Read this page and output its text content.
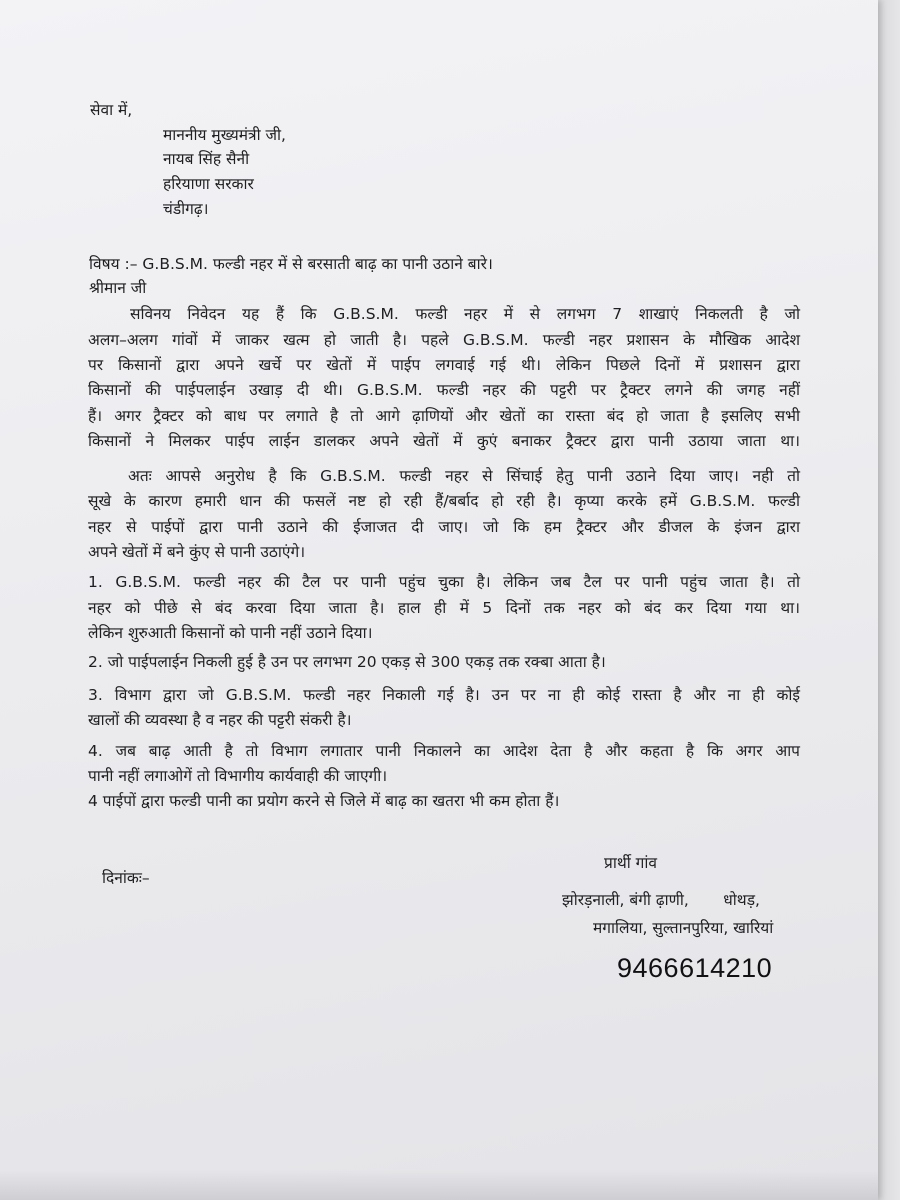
सेवा में,
माननीय मुख्यमंत्री जी,
नायब सिंह सैनी
हरियाणा सरकार
चंडीगढ़।
विषय :– G.B.S.M. फल्डी नहर में से बरसाती बाढ़ का पानी उठाने बारे।
श्रीमान जी
सविनय निवेदन यह हैं कि G.B.S.M. फल्डी नहर में से लगभग 7 शाखाएं निकलती है जो
अलग–अलग गांवों में जाकर खत्म हो जाती है। पहले G.B.S.M. फल्डी नहर प्रशासन के मौखिक आदेश
पर किसानों द्वारा अपने खर्चे पर खेतों में पाईप लगवाई गई थी। लेकिन पिछले दिनों में प्रशासन द्वारा
किसानों की पाईपलाईन उखाड़ दी थी। G.B.S.M. फल्डी नहर की पट्टरी पर ट्रैक्टर लगने की जगह नहीं
हैं। अगर ट्रैक्टर को बाध पर लगाते है तो आगे ढ़ाणियों और खेतों का रास्ता बंद हो जाता है इसलिए सभी
किसानों ने मिलकर पाईप लाईन डालकर अपने खेतों में कुएं बनाकर ट्रैक्टर द्वारा पानी उठाया जाता था।
अतः आपसे अनुरोध है कि G.B.S.M. फल्डी नहर से सिंचाई हेतु पानी उठाने दिया जाए। नही तो
सूखे के कारण हमारी धान की फसलें नष्ट हो रही हैं/बर्बाद हो रही है। कृप्या करके हमें G.B.S.M. फल्डी
नहर से पाईपों द्वारा पानी उठाने की ईजाजत दी जाए। जो कि हम ट्रैक्टर और डीजल के इंजन द्वारा
अपने खेतों में बने कुंए से पानी उठाएंगे।
1. G.B.S.M. फल्डी नहर की टैल पर पानी पहुंच चुका है। लेकिन जब टैल पर पानी पहुंच जाता है। तो
नहर को पीछे से बंद करवा दिया जाता है। हाल ही में 5 दिनों तक नहर को बंद कर दिया गया था।
लेकिन शुरुआती किसानों को पानी नहीं उठाने दिया।
2. जो पाईपलाईन निकली हुई है उन पर लगभग 20 एकड़ से 300 एकड़ तक रक्बा आता है।
3. विभाग द्वारा जो G.B.S.M. फल्डी नहर निकाली गई है। उन पर ना ही कोई रास्ता है और ना ही कोई
खालों की व्यवस्था है व नहर की पट्टरी संकरी है।
4. जब बाढ़ आती है तो विभाग लगातार पानी निकालने का आदेश देता है और कहता है कि अगर आप
पानी नहीं लगाओगें तो विभागीय कार्यवाही की जाएगी।
4 पाईपों द्वारा फल्डी पानी का प्रयोग करने से जिले में बाढ़ का खतरा भी कम होता हैं।
दिनांकः–
प्रार्थी गांव
झोरड़नाली, बंगी ढ़ाणी,       धोथड़,
मगालिया, सुल्तानपुरिया, खारियां
9466614210
